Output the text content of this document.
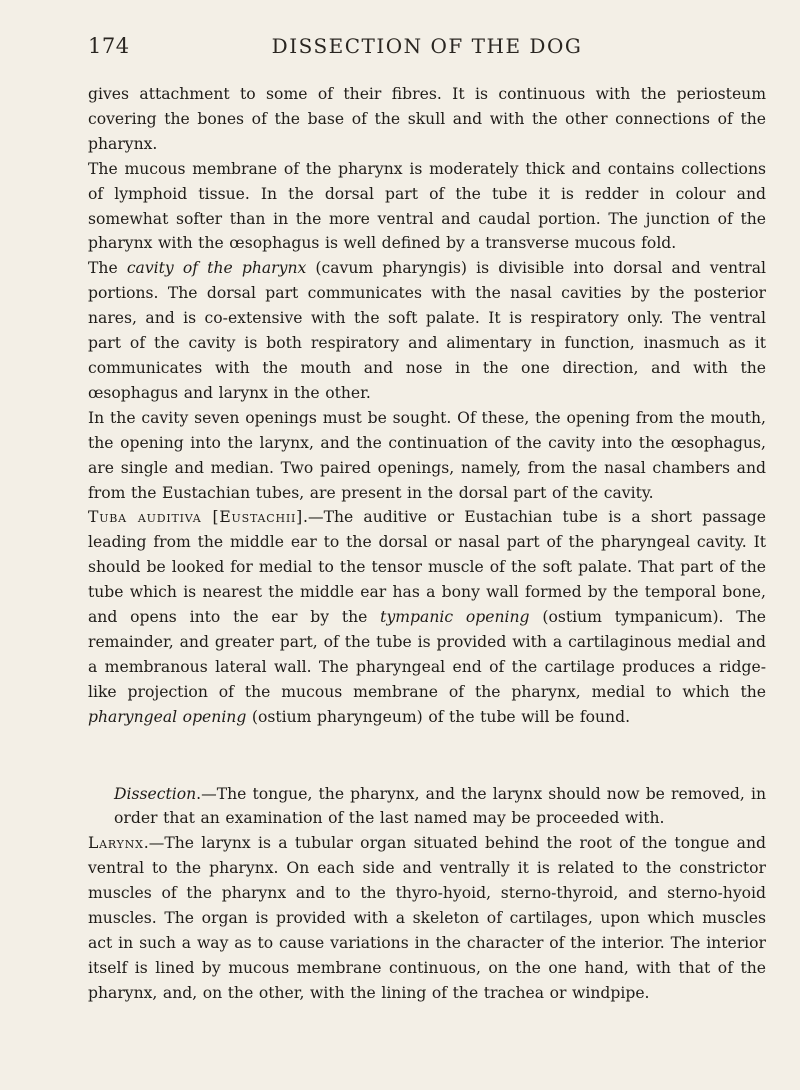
174	DISSECTION OF THE DOG

gives attachment to some of their fibres. It is continuous with the periosteum covering the bones of the base of the skull and with the other connections of the pharynx.

The mucous membrane of the pharynx is moderately thick and contains collections of lymphoid tissue. In the dorsal part of the tube it is redder in colour and somewhat softer than in the more ventral and caudal portion. The junction of the pharynx with the œsophagus is well defined by a transverse mucous fold.

The cavity of the pharynx (cavum pharyngis) is divisible into dorsal and ventral portions. The dorsal part communicates with the nasal cavities by the posterior nares, and is co-extensive with the soft palate. It is respiratory only. The ventral part of the cavity is both respiratory and alimentary in function, inasmuch as it communicates with the mouth and nose in the one direction, and with the œsophagus and larynx in the other.

In the cavity seven openings must be sought. Of these, the opening from the mouth, the opening into the larynx, and the continuation of the cavity into the œsophagus, are single and median. Two paired openings, namely, from the nasal chambers and from the Eustachian tubes, are present in the dorsal part of the cavity.

Tuba auditiva [Eustachii].—The auditive or Eustachian tube is a short passage leading from the middle ear to the dorsal or nasal part of the pharyngeal cavity. It should be looked for medial to the tensor muscle of the soft palate. That part of the tube which is nearest the middle ear has a bony wall formed by the temporal bone, and opens into the ear by the tympanic opening (ostium tympanicum). The remainder, and greater part, of the tube is provided with a cartilaginous medial and a membranous lateral wall. The pharyngeal end of the cartilage produces a ridge-like projection of the mucous membrane of the pharynx, medial to which the pharyngeal opening (ostium pharyngeum) of the tube will be found.

Dissection.—The tongue, the pharynx, and the larynx should now be removed, in order that an examination of the last named may be proceeded with.

Larynx.—The larynx is a tubular organ situated behind the root of the tongue and ventral to the pharynx. On each side and ventrally it is related to the constrictor muscles of the pharynx and to the thyro-hyoid, sterno-thyroid, and sterno-hyoid muscles. The organ is provided with a skeleton of cartilages, upon which muscles act in such a way as to cause variations in the character of the interior. The interior itself is lined by mucous membrane continuous, on the one hand, with that of the pharynx, and, on the other, with the lining of the trachea or windpipe.
